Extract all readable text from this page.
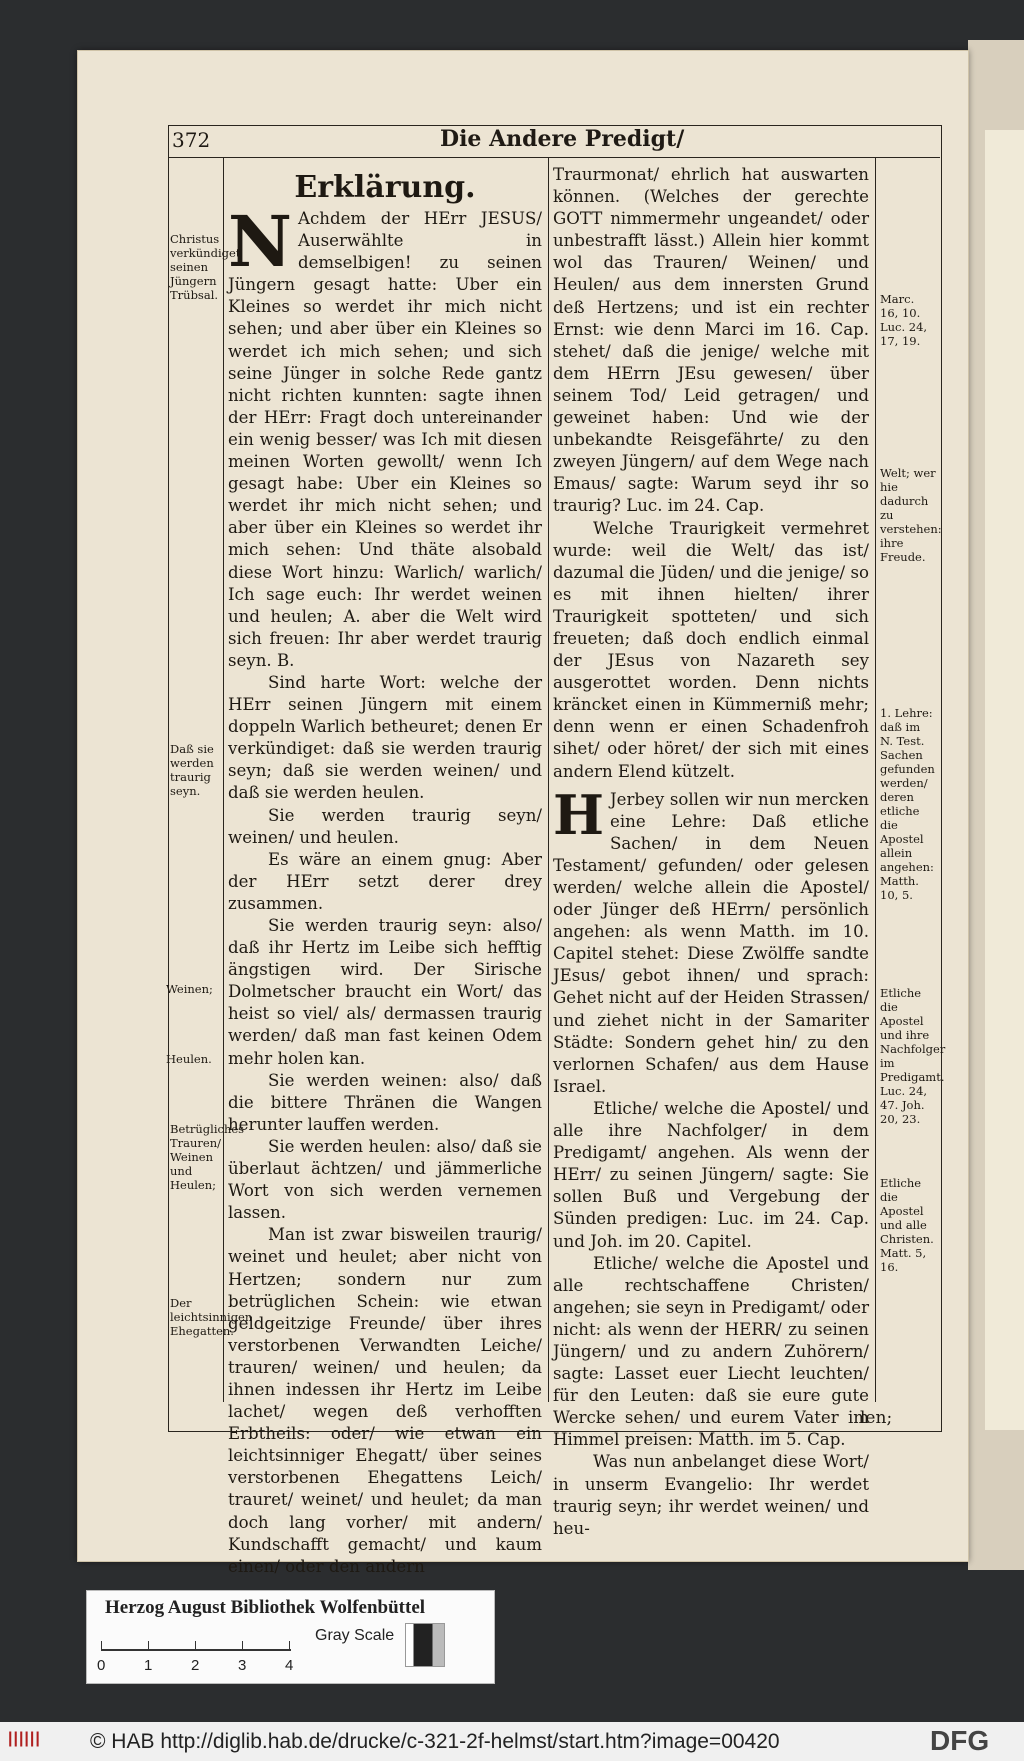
372	Die Andere Predigt/

Erklärung.

N Achdem der HErr JESUS/ Auserwählte in demselbigen! zu seinen Jüngern gesagt hatte: Uber ein Kleines so werdet ihr mich nicht sehen; und aber über ein Kleines so werdet ich mich sehen; und sich seine Jünger in solche Rede gantz nicht richten kunnten: sagte ihnen der HErr: Fragt doch untereinander ein wenig besser/ was Ich mit diesen meinen Worten gewollt/ wenn Ich gesagt habe: Uber ein Kleines so werdet ihr mich nicht sehen; und aber über ein Kleines so werdet ihr mich sehen: Und thäte alsobald diese Wort hinzu: Warlich/ warlich/ Ich sage euch: Ihr werdet weinen und heulen; A. aber die Welt wird sich freuen: Ihr aber werdet traurig seyn. B.

Sind harte Wort: welche der HErr seinen Jüngern mit einem doppeln Warlich betheuret; denen Er verkündiget: daß sie werden traurig seyn; daß sie werden weinen/ und daß sie werden heulen.

Sie werden traurig seyn/ weinen/ und heulen.

Es wäre an einem gnug: Aber der HErr setzt derer drey zusammen.

Sie werden traurig seyn: also/ daß ihr Hertz im Leibe sich hefftig ängstigen wird. Der Sirische Dolmetscher braucht ein Wort/ das heist so viel/ als/ dermassen traurig werden/ daß man fast keinen Odem mehr holen kan.

Sie werden weinen: also/ daß die bittere Thränen die Wangen herunter lauffen werden.

Sie werden heulen: also/ daß sie überlaut ächtzen/ und jämmerliche Wort von sich werden vernemen lassen.

Man ist zwar bisweilen traurig/ weinet und heulet; aber nicht von Hertzen; sondern nur zum betrüglichen Schein: wie etwan geldgeitzige Freunde/ über ihres verstorbenen Verwandten Leiche/ trauren/ weinen/ und heulen; da ihnen indessen ihr Hertz im Leibe lachet/ wegen deß verhofften Erbtheils: oder/ wie etwan ein leichtsinniger Ehegatt/ über seines verstorbenen Ehegattens Leich/ trauret/ weinet/ und heulet; da man doch lang vorher/ mit andern/ Kundschafft gemacht/ und kaum einen/ oder den andern

Traurmonat/ ehrlich hat auswarten können. (Welches der gerechte GOTT nimmermehr ungeandet/ oder unbestrafft lässt.) Allein hier kommt wol das Trauren/ Weinen/ und Heulen/ aus dem innersten Grund deß Hertzens; und ist ein rechter Ernst: wie denn Marci im 16. Cap. stehet/ daß die jenige/ welche mit dem HErrn JEsu gewesen/ über seinem Tod/ Leid getragen/ und geweinet haben: Und wie der unbekandte Reisgefährte/ zu den zweyen Jüngern/ auf dem Wege nach Emaus/ sagte: Warum seyd ihr so traurig? Luc. im 24. Cap.

Welche Traurigkeit vermehret wurde: weil die Welt/ das ist/ dazumal die Jüden/ und die jenige/ so es mit ihnen hielten/ ihrer Traurigkeit spotteten/ und sich freueten; daß doch endlich einmal der JEsus von Nazareth sey ausgerottet worden. Denn nichts kräncket einen in Kümmerniß mehr; denn wenn er einen Schadenfroh sihet/ oder höret/ der sich mit eines andern Elend kützelt.

H Jerbey sollen wir nun mercken eine Lehre: Daß etliche Sachen/ in dem Neuen Testament/ gefunden/ oder gelesen werden/ welche allein die Apostel/ oder Jünger deß HErrn/ persönlich angehen: als wenn Matth. im 10. Capitel stehet: Diese Zwölffe sandte JEsus/ gebot ihnen/ und sprach: Gehet nicht auf der Heiden Strassen/ und ziehet nicht in der Samariter Städte: Sondern gehet hin/ zu den verlornen Schafen/ aus dem Hause Israel.

Etliche/ welche die Apostel/ und alle ihre Nachfolger/ in dem Predigamt/ angehen. Als wenn der HErr/ zu seinen Jüngern/ sagte: Sie sollen Buß und Vergebung der Sünden predigen: Luc. im 24. Cap. und Joh. im 20. Capitel.

Etliche/ welche die Apostel und alle rechtschaffene Christen/ angehen; sie seyn in Predigamt/ oder nicht: als wenn der HERR/ zu seinen Jüngern/ und zu andern Zuhörern/ sagte: Lasset euer Liecht leuchten/ für den Leuten: daß sie eure gute Wercke sehen/ und eurem Vater im Himmel preisen: Matth. im 5. Cap.

Was nun anbelanget diese Wort/ in unserm Evangelio: Ihr werdet traurig seyn; ihr werdet weinen/ und heu-

Christus verkündiget seinen Jüngern Trübsal.
Daß sie werden traurig seyn.
Weinen;
Heulen.
Betrügliches Trauren/ Weinen und Heulen;
Der leichtsinnigen Ehegatten.
Marc. 16, 10. Luc. 24, 17, 19.
Welt; wer hie dadurch zu verstehen: ihre Freude.
1. Lehre: daß im N. Test. Sachen gefunden werden/ deren etliche die Apostel allein angehen: Matth. 10, 5.
Etliche die Apostel und ihre Nachfolger im Predigamt. Luc. 24, 47. Joh. 20, 23.
Etliche die Apostel und alle Christen. Matt. 5, 16.
len;
Herzog August Bibliothek Wolfenbüttel
0	1	2	3	4
Gray Scale
|||||| © HAB http://diglib.hab.de/drucke/c-321-2f-helmst/start.htm?image=00420	DFG
